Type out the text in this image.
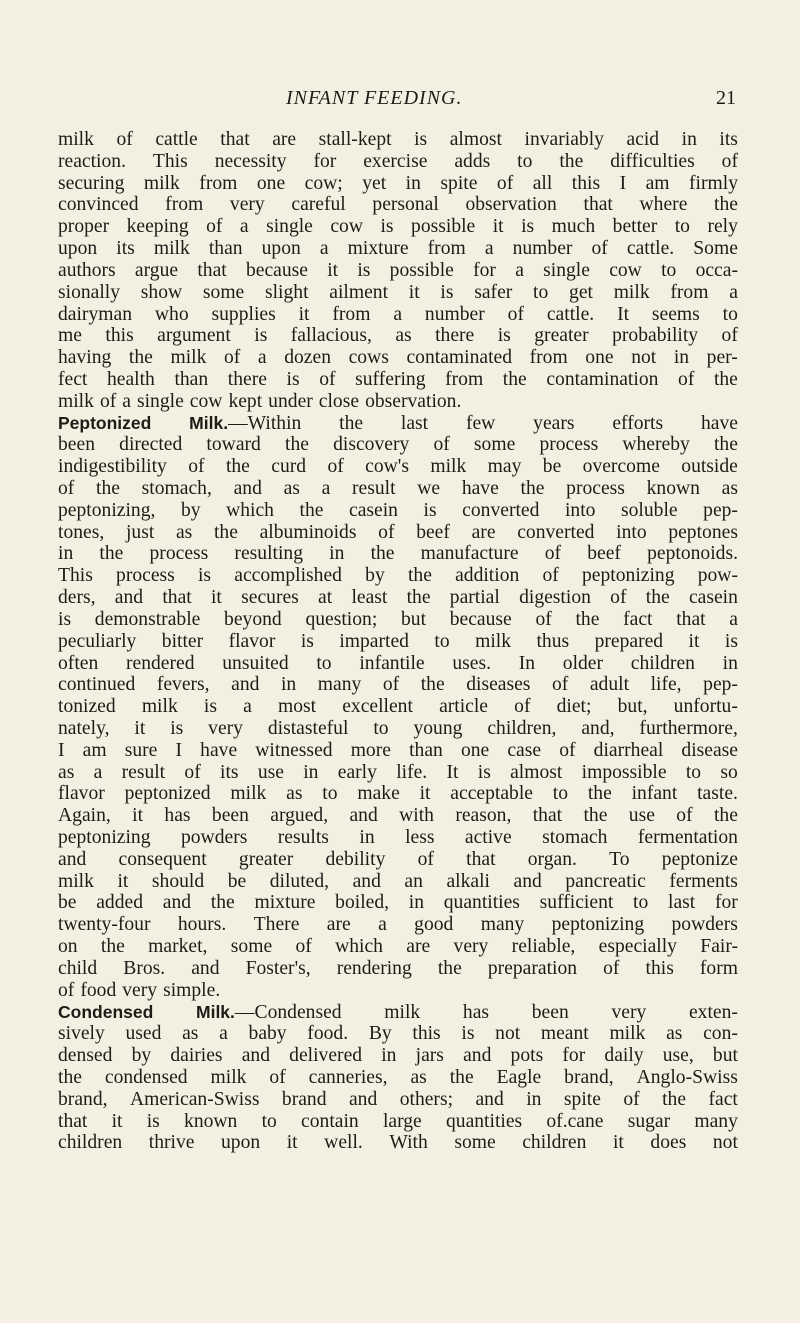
INFANT FEEDING.	21
milk of cattle that are stall-kept is almost invariably acid in its
reaction. This necessity for exercise adds to the difficulties of
securing milk from one cow; yet in spite of all this I am firmly
convinced from very careful personal observation that where the
proper keeping of a single cow is possible it is much better to rely
upon its milk than upon a mixture from a number of cattle. Some
authors argue that because it is possible for a single cow to occa-
sionally show some slight ailment it is safer to get milk from a
dairyman who supplies it from a number of cattle. It seems to
me this argument is fallacious, as there is greater probability of
having the milk of a dozen cows contaminated from one not in per-
fect health than there is of suffering from the contamination of the
milk of a single cow kept under close observation.
Peptonized Milk.—Within the last few years efforts have
been directed toward the discovery of some process whereby the
indigestibility of the curd of cow's milk may be overcome outside
of the stomach, and as a result we have the process known as
peptonizing, by which the casein is converted into soluble pep-
tones, just as the albuminoids of beef are converted into peptones
in the process resulting in the manufacture of beef peptonoids.
This process is accomplished by the addition of peptonizing pow-
ders, and that it secures at least the partial digestion of the casein
is demonstrable beyond question; but because of the fact that a
peculiarly bitter flavor is imparted to milk thus prepared it is
often rendered unsuited to infantile uses. In older children in
continued fevers, and in many of the diseases of adult life, pep-
tonized milk is a most excellent article of diet; but, unfortu-
nately, it is very distasteful to young children, and, furthermore,
I am sure I have witnessed more than one case of diarrheal disease
as a result of its use in early life. It is almost impossible to so
flavor peptonized milk as to make it acceptable to the infant taste.
Again, it has been argued, and with reason, that the use of the
peptonizing powders results in less active stomach fermentation
and consequent greater debility of that organ. To peptonize
milk it should be diluted, and an alkali and pancreatic ferments
be added and the mixture boiled, in quantities sufficient to last for
twenty-four hours. There are a good many peptonizing powders
on the market, some of which are very reliable, especially Fair-
child Bros. and Foster's, rendering the preparation of this form
of food very simple.
Condensed Milk.—Condensed milk has been very exten-
sively used as a baby food. By this is not meant milk as con-
densed by dairies and delivered in jars and pots for daily use, but
the condensed milk of canneries, as the Eagle brand, Anglo-Swiss
brand, American-Swiss brand and others; and in spite of the fact
that it is known to contain large quantities of.cane sugar many
children thrive upon it well. With some children it does not
